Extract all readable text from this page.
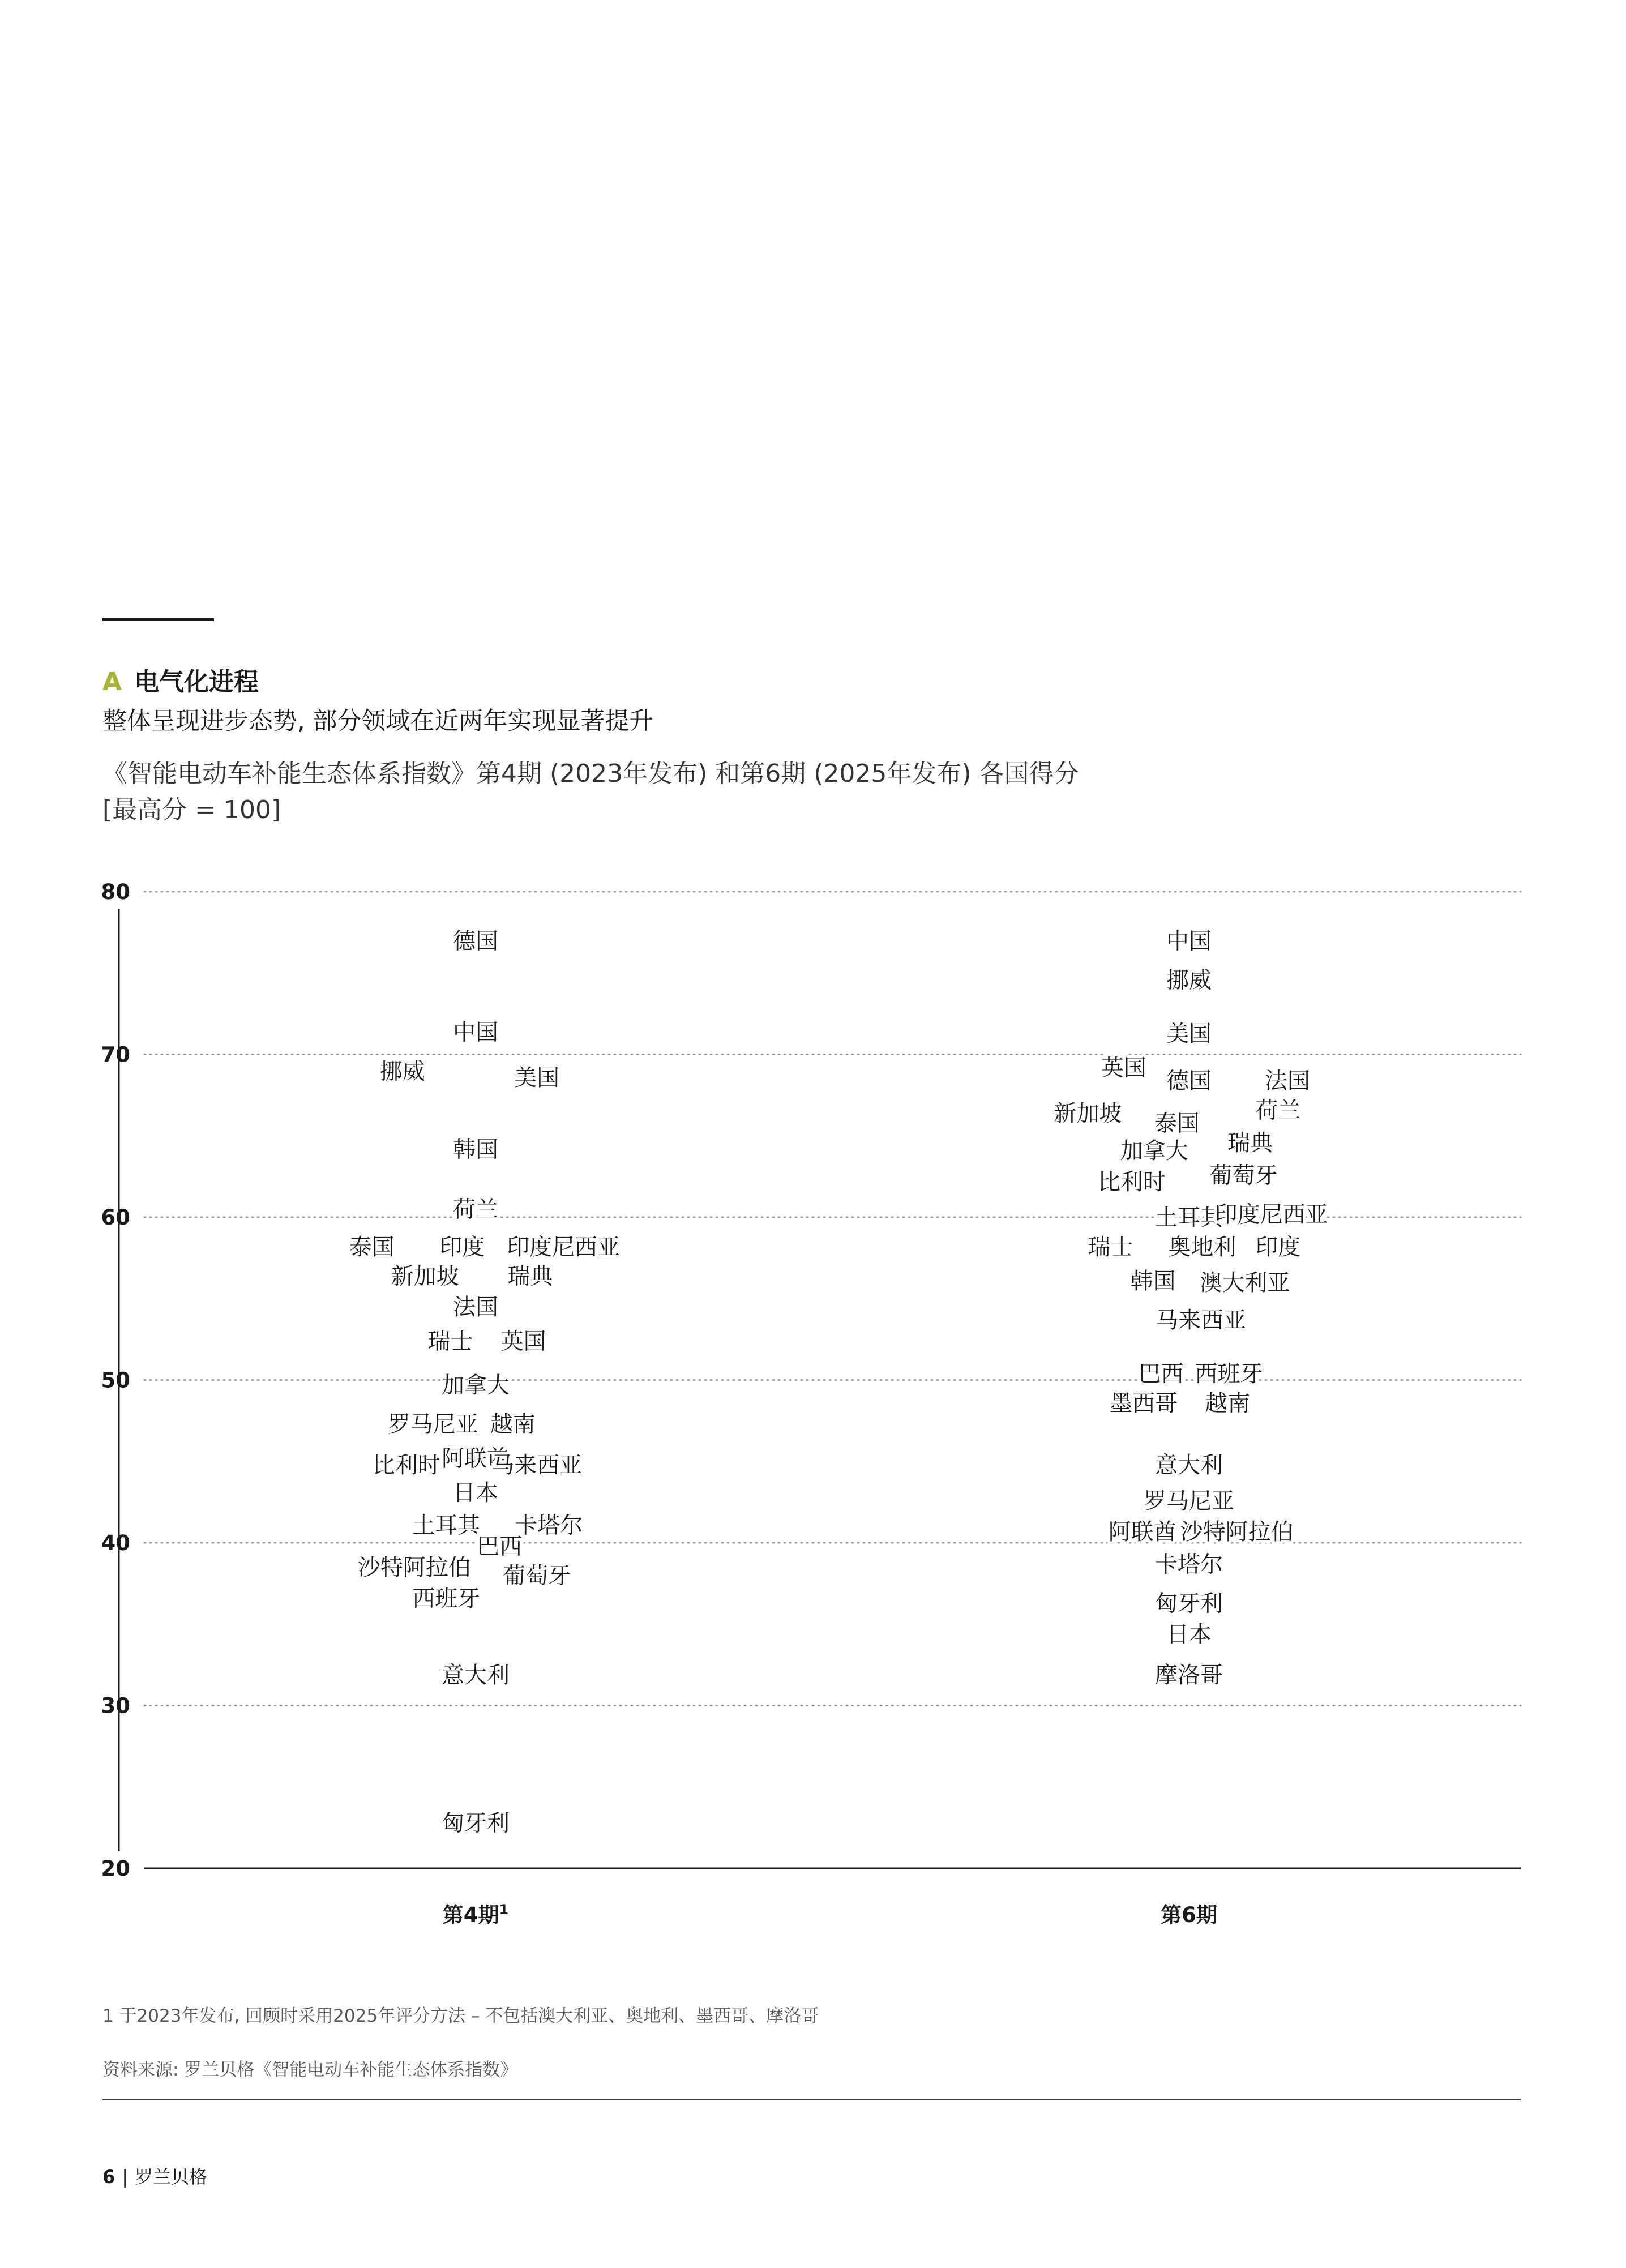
A 电气化进程
整体呈现进步态势, 部分领域在近两年实现显著提升
《智能电动车补能生态体系指数》第4期 (2023年发布) 和第6期 (2025年发布) 各国得分
[最高分 = 100]
20
30
40
50
60
70
80
第4期$^1$	第6期
德国
中国
挪威	美国
韩国
荷兰
泰国 印度 印度尼西亚
新加坡 瑞典
法国
瑞士 英国
加拿大
罗马尼亚 越南
比利时 阿联酋
马来西亚
日本
土耳其 卡塔尔
巴西
沙特阿拉伯 葡萄牙
西班牙
意大利
匈牙利
中国
挪威
美国
英国 德国 法国
荷兰
新加坡 泰国
瑞典
加拿大
葡萄牙
比利时
土耳其
印度尼西亚
瑞士 奥地利 印度
韩国 澳大利亚
马来西亚
巴西 西班牙
墨西哥 越南
意大利
罗马尼亚
阿联酋 沙特阿拉伯
卡塔尔
匈牙利
日本
摩洛哥
1 于2023年发布, 回顾时采用2025年评分方法 – 不包括澳大利亚、奥地利、墨西哥、摩洛哥
资料来源: 罗兰贝格《智能电动车补能生态体系指数》
6 | 罗兰贝格
